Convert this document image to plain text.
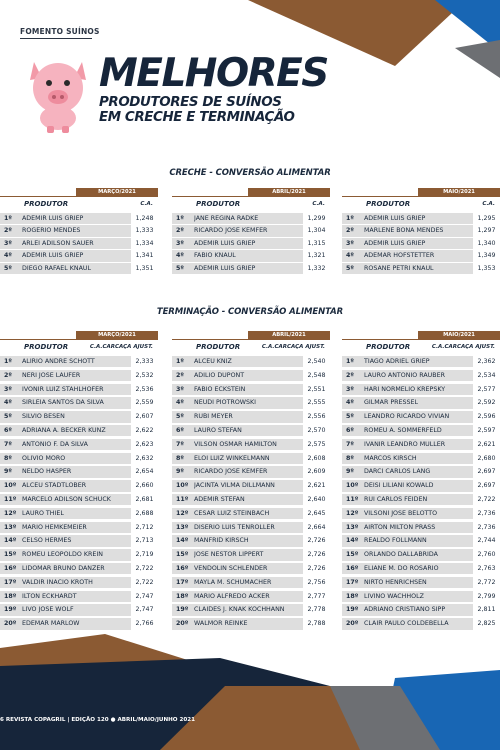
FOMENTO SUÍNOS
MELHORES
PRODUTORES DE SUÍNOS
EM CRECHE E TERMINAÇÃO
CRECHE - CONVERSÃO ALIMENTAR
TERMINAÇÃO - CONVERSÃO ALIMENTAR
MARÇO/2021
PRODUTOR	C.A.
1º	ADEMIR LUIS GRIEP	1,248
2º	ROGERIO MENDES	1,333
3º	ARLEI ADILSON SAUER	1,334
4º	ADEMIR LUIS GRIEP	1,341
5º	DIEGO RAFAEL KNAUL	1,351
ABRIL/2021
PRODUTOR	C.A.
1º	JANE REGINA RADKE	1,299
2º	RICARDO JOSE KEMFER	1,304
3º	ADEMIR LUIS GRIEP	1,315
4º	FABIO KNAUL	1,321
5º	ADEMIR LUIS GRIEP	1,332
MAIO/2021
PRODUTOR	C.A.
1º	ADEMIR LUIS GRIEP	1,295
2º	MARLENE BONA MENDES	1,297
3º	ADEMIR LUIS GRIEP	1,340
4º	ADEMAR HOFSTETTER	1,349
5º	ROSANE PETRI KNAUL	1,353
MARÇO/2021
PRODUTOR	C.A.CARCAÇA AJUST.
1º	ALIRIO ANDRE SCHOTT	2,333
2º	NERI JOSE LAUFER	2,532
3º	IVONIR LUIZ STAHLHOFER	2,536
4º	SIRLEIA SANTOS DA SILVA	2,559
5º	SILVIO BESEN	2,607
6º	ADRIANA A. BECKER KUNZ	2,622
7º	ANTONIO F. DA SILVA	2,623
8º	OLIVIO MORO	2,632
9º	NELDO HASPER	2,654
10º ALCEU STADTLOBER	2,660
11º MARCELO ADILSON SCHUCK	2,681
12º LAURO THIEL	2,688
13º MARIO HEMKEMEIER	2,712
14º CELSO HERMES	2,713
15º ROMEU LEOPOLDO KREIN	2,719
16º LIDOMAR BRUNO DANZER	2,722
17º VALDIR INACIO KROTH	2,722
18º ILTON ECKHARDT	2,747
19º LIVO JOSE WOLF	2,747
20º EDEMAR MARLOW	2,766
ABRIL/2021
PRODUTOR	C.A.CARCAÇA AJUST.
1º	ALCEU KNIZ	2,540
2º	ADILIO DUPONT	2,548
3º	FABIO ECKSTEIN	2,551
4º	NEUDI PIOTROWSKI	2,555
5º	RUBI MEYER	2,556
6º	LAURO STEFAN	2,570
7º	VILSON OSMAR HAMILTON	2,575
8º	ELOI LUIZ WINKELMANN	2,608
9º	RICARDO JOSE KEMFER	2,609
10º JACINTA VILMA DILLMANN	2,621
11º ADEMIR STEFAN	2,640
12º CESAR LUIZ STEINBACH	2,645
13º DISERIO LUIS TENROLLER	2,664
14º MANFRID KIRSCH	2,726
15º JOSE NESTOR LIPPERT	2,726
16º VENDOLIN SCHLENDER	2,726
17º MAYLA M. SCHUMACHER	2,756
18º MARIO ALFREDO ACKER	2,777
19º CLAIDES J. KNAK KOCHHANN	2,778
20º WALMOR REINKE	2,788
MAIO/2021
PRODUTOR	C.A.CARCAÇA AJUST.
1º	TIAGO ADRIEL GRIEP	2,362
2º	LAURO ANTONIO RAUBER	2,534
3º	HARI NORMELIO KREPSKY	2,577
4º	GILMAR PRESSEL	2,592
5º	LEANDRO RICARDO VIVIAN	2,596
6º	ROMEU A. SOMMERFELD	2,597
7º	IVANIR LEANDRO MULLER	2,621
8º	MARCOS KIRSCH	2,680
9º	DARCI CARLOS LANG	2,697
10º DEISI LILIANI KOWALD	2,697
11º RUI CARLOS FEIDEN	2,722
12º VILSONI JOSE BELOTTO	2,736
13º AIRTON MILTON PRASS	2,736
14º REALDO FOLLMANN	2,744
15º ORLANDO DALLABRIDA	2,760
16º ELIANE M. DO ROSARIO	2,763
17º NIRTO HENRICHSEN	2,772
18º LIVINO WACHHOLZ	2,799
19º ADRIANO CRISTIANO SIPP	2,811
20º CLAIR PAULO COLDEBELLA	2,825
6 REVISTA COPAGRIL | EDIÇÃO 120 ● ABRIL/MAIO/JUNHO 2021
